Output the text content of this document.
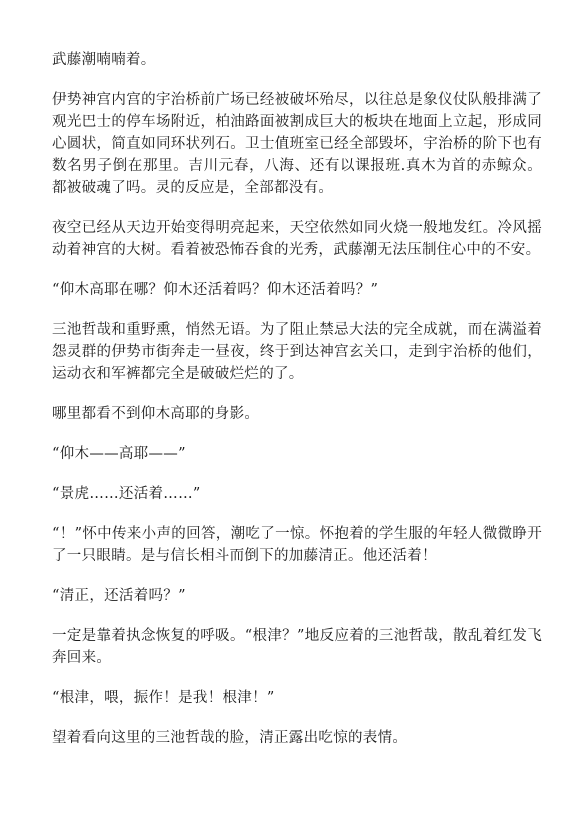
武藤潮喃喃着。

伊势神宫内宫的宇治桥前广场已经被破坏殆尽，以往总是象仪仗队般排满了观光巴士的停车场附近，柏油路面被割成巨大的板块在地面上立起，形成同心圆状，简直如同环状列石。卫士值班室已经全部毁坏，宇治桥的阶下也有数名男子倒在那里。吉川元春，八海、还有以课报班.真木为首的赤鲸众。都被破魂了吗。灵的反应是，全部都没有。

夜空已经从天边开始变得明亮起来，天空依然如同火烧一般地发红。冷风摇动着神宫的大树。看着被恐怖吞食的光秀，武藤潮无法压制住心中的不安。

“仰木高耶在哪？仰木还活着吗？仰木还活着吗？”

三池哲哉和重野熏，悄然无语。为了阻止禁忌大法的完全成就，而在满溢着怨灵群的伊势市街奔走一昼夜，终于到达神宫玄关口，走到宇治桥的他们，运动衣和军裤都完全是破破烂烂的了。

哪里都看不到仰木高耶的身影。

“仰木——高耶——”

“景虎……还活着……”

“！”怀中传来小声的回答，潮吃了一惊。怀抱着的学生服的年轻人微微睁开了一只眼睛。是与信长相斗而倒下的加藤清正。他还活着！

“清正，还活着吗？”

一定是靠着执念恢复的呼吸。“根津？”地反应着的三池哲哉，散乱着红发飞奔回来。

“根津，喂，振作！是我！根津！”

望着看向这里的三池哲哉的脸，清正露出吃惊的表情。
